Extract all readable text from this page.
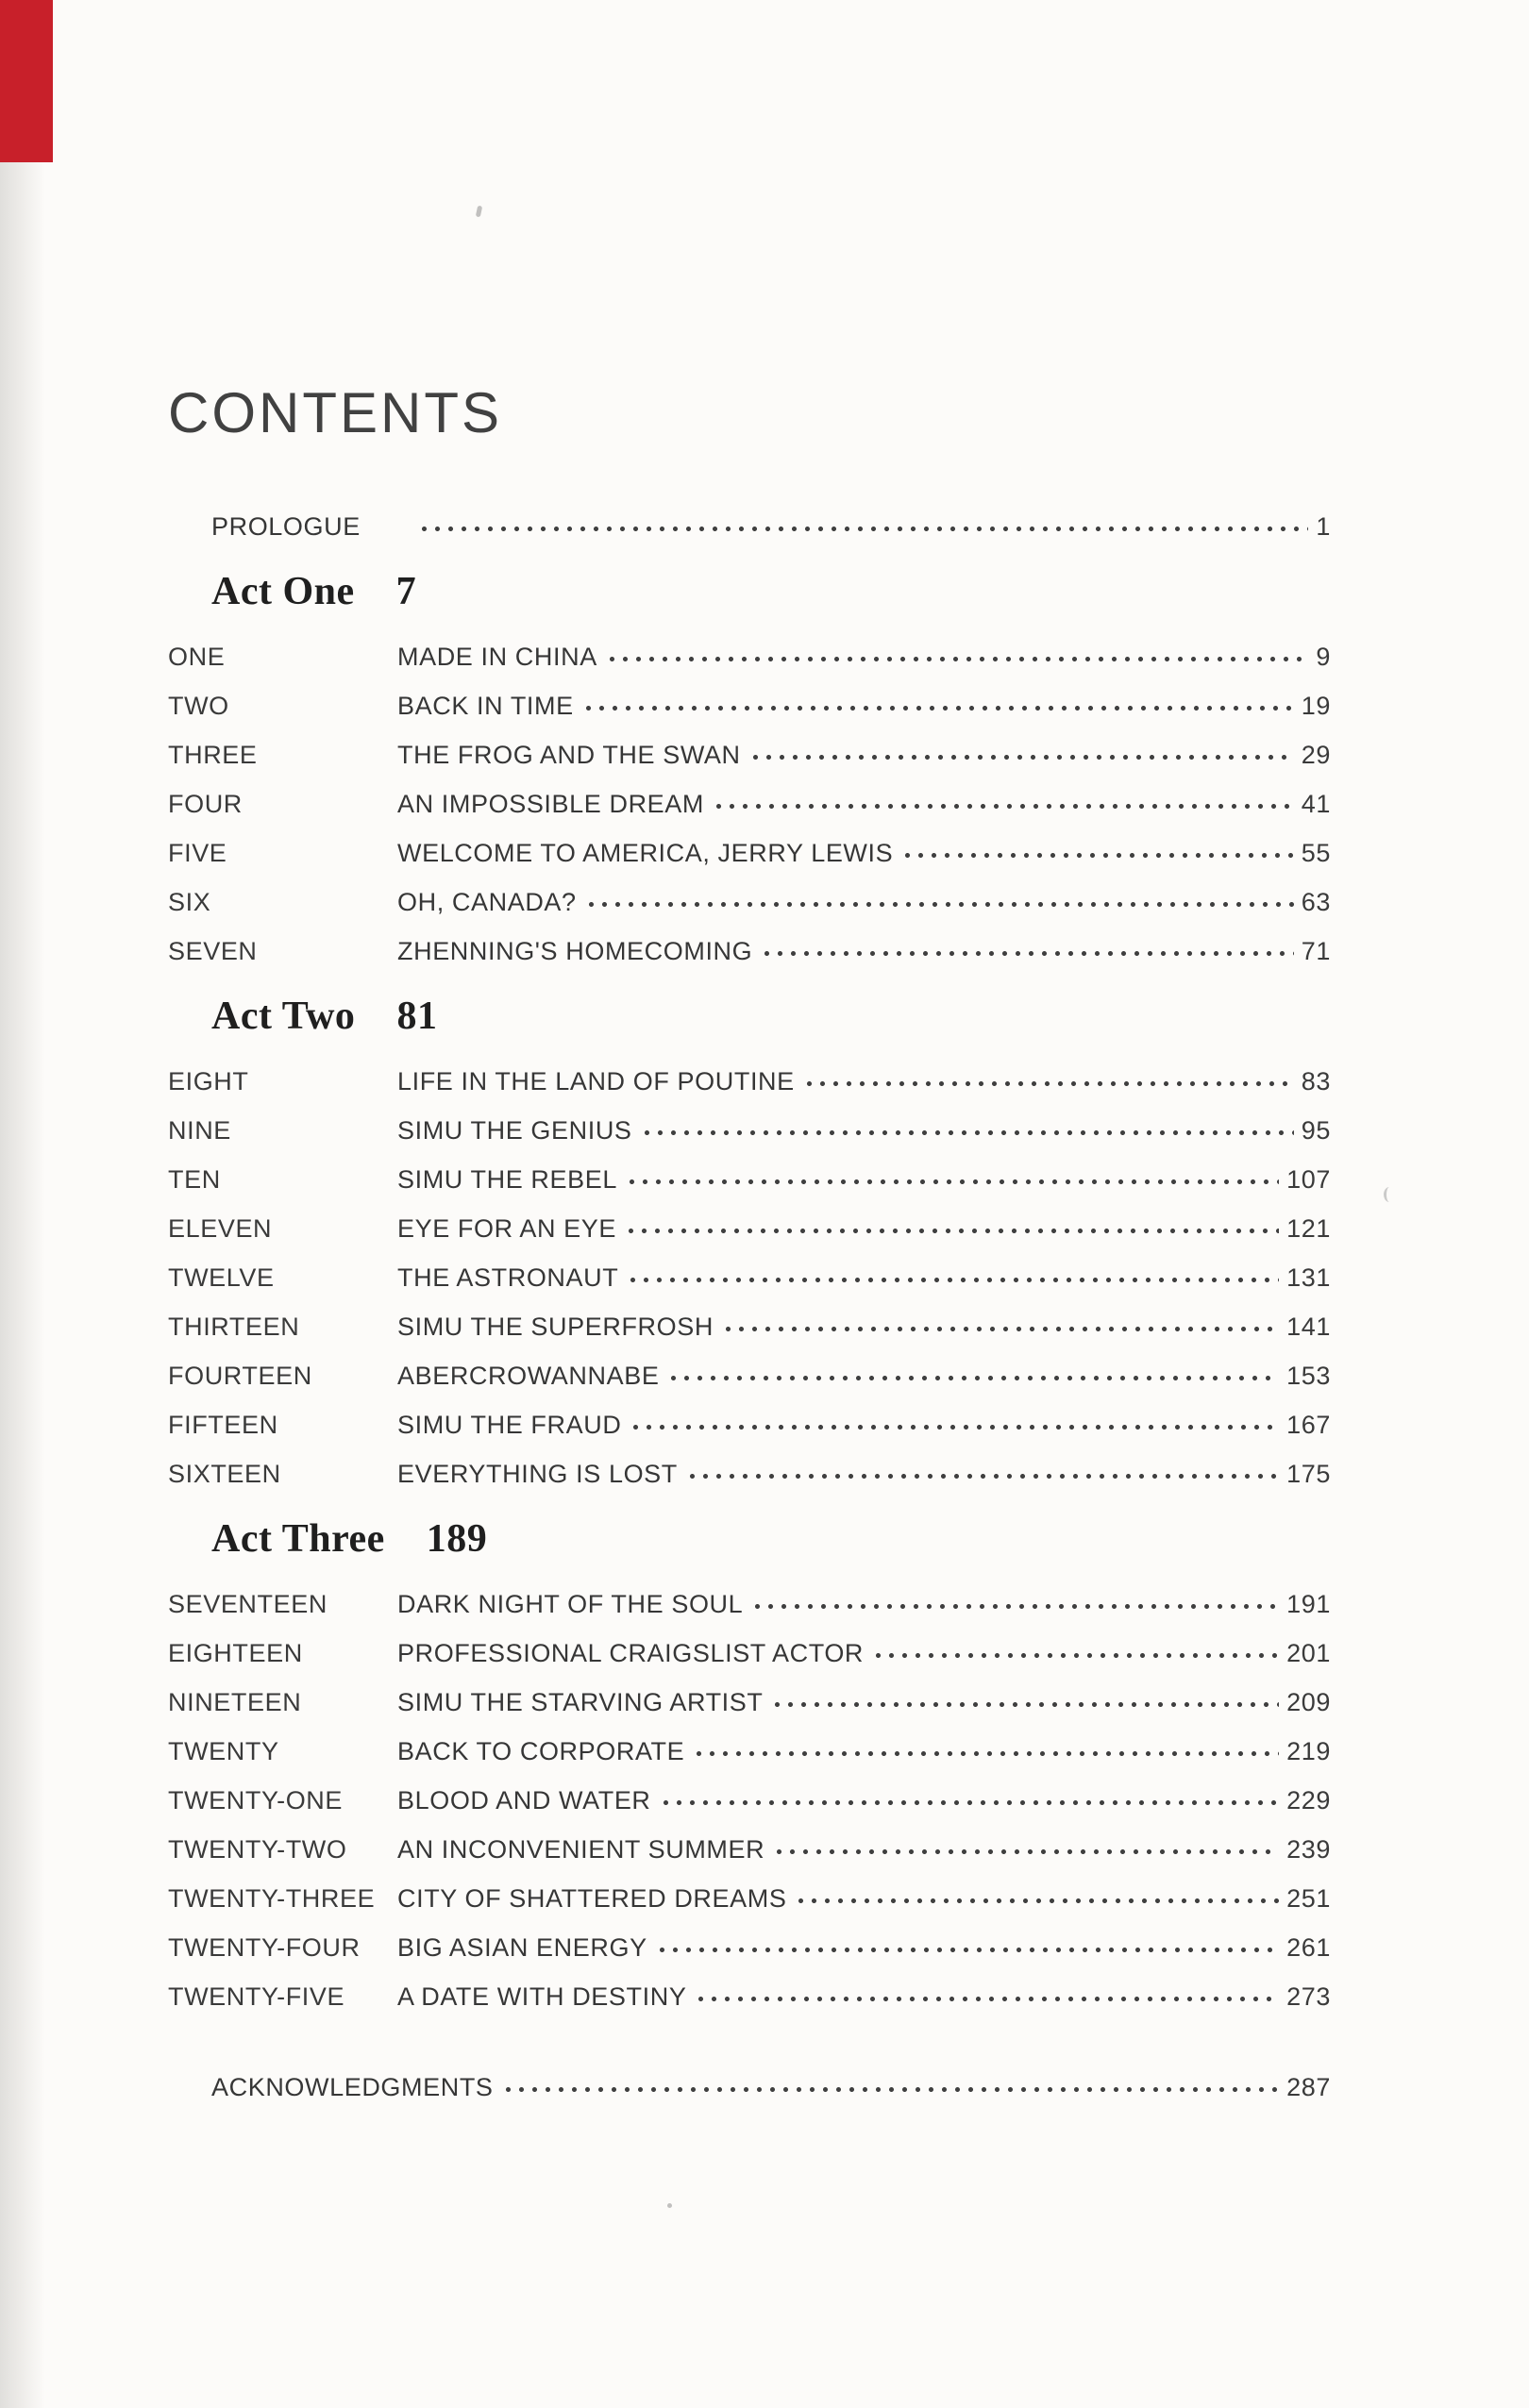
CONTENTS
PROLOGUE	1
Act One 7
ONE	MADE IN CHINA	9
TWO	BACK IN TIME	19
THREE	THE FROG AND THE SWAN	29
FOUR	AN IMPOSSIBLE DREAM	41
FIVE	WELCOME TO AMERICA, JERRY LEWIS	55
SIX	OH, CANADA?	63
SEVEN	ZHENNING'S HOMECOMING	71
Act Two 81
EIGHT	LIFE IN THE LAND OF POUTINE	83
NINE	SIMU THE GENIUS	95
TEN	SIMU THE REBEL	107
ELEVEN	EYE FOR AN EYE	121
TWELVE	THE ASTRONAUT	131
THIRTEEN	SIMU THE SUPERFROSH	141
FOURTEEN	ABERCROWANNABE	153
FIFTEEN	SIMU THE FRAUD	167
SIXTEEN	EVERYTHING IS LOST	175
Act Three 189
SEVENTEEN	DARK NIGHT OF THE SOUL	191
EIGHTEEN	PROFESSIONAL CRAIGSLIST ACTOR	201
NINETEEN	SIMU THE STARVING ARTIST	209
TWENTY	BACK TO CORPORATE	219
TWENTY-ONE	BLOOD AND WATER	229
TWENTY-TWO	AN INCONVENIENT SUMMER	239
TWENTY-THREE CITY OF SHATTERED DREAMS	251
TWENTY-FOUR	BIG ASIAN ENERGY	261
TWENTY-FIVE	A DATE WITH DESTINY	273
ACKNOWLEDGMENTS	287
